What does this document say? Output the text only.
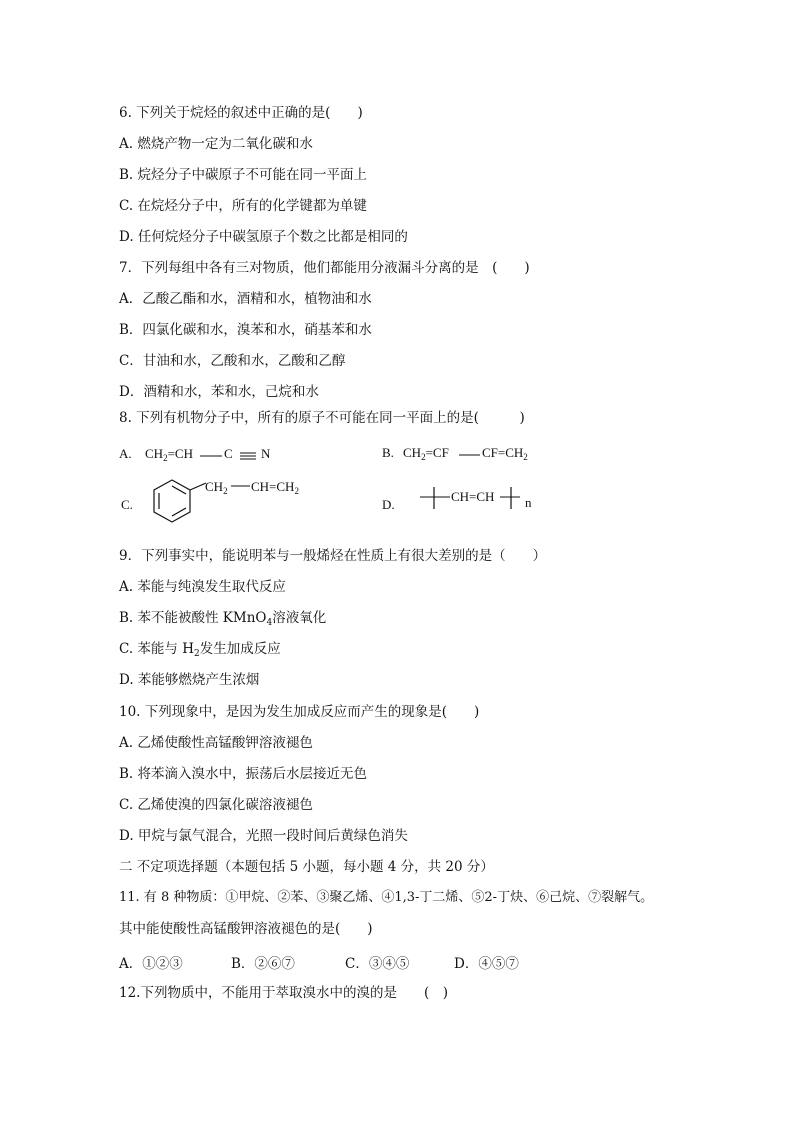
6. 下列关于烷烃的叙述中正确的是(　　)
A. 燃烧产物一定为二氧化碳和水
B. 烷烃分子中碳原子不可能在同一平面上
C. 在烷烃分子中，所有的化学键都为单键
D. 任何烷烃分子中碳氢原子个数之比都是相同的
7．下列每组中各有三对物质，他们都能用分液漏斗分离的是　(　　)
A．乙酸乙酯和水，酒精和水，植物油和水
B．四氯化碳和水，溴苯和水，硝基苯和水
C．甘油和水，乙酸和水，乙酸和乙醇
D．酒精和水，苯和水，己烷和水
8. 下列有机物分子中，所有的原子不可能在同一平面上的是(　　　)
A. $CH_2=CH$ C N	B. $CH_2=CF$	$CF=CH_2$
C.
$CH_2$ $CH=CH_2$
D.
CH=CH n
9．下列事实中，能说明苯与一般烯烃在性质上有很大差别的是（　　）
A. 苯能与纯溴发生取代反应
B. 苯不能被酸性 KMnO$_4$溶液氧化
C. 苯能与 $H_2$发生加成反应
D. 苯能够燃烧产生浓烟
10. 下列现象中，是因为发生加成反应而产生的现象是(　　)
A. 乙烯使酸性高锰酸钾溶液褪色
B. 将苯滴入溴水中，振荡后水层接近无色
C. 乙烯使溴的四氯化碳溶液褪色
D. 甲烷与氯气混合，光照一段时间后黄绿色消失
二 不定项选择题（本题包括 5 小题，每小题 4 分，共 20 分）
11. 有 8 种物质：①甲烷、②苯、③聚乙烯、④1,3-丁二烯、⑤2-丁炔、⑥己烷、⑦裂解气。
其中能使酸性高锰酸钾溶液褪色的是(　　)
A．①②③	B．②⑥⑦	C．③④⑤	D．④⑤⑦
12.下列物质中，不能用于萃取溴水中的溴的是　　(　)
